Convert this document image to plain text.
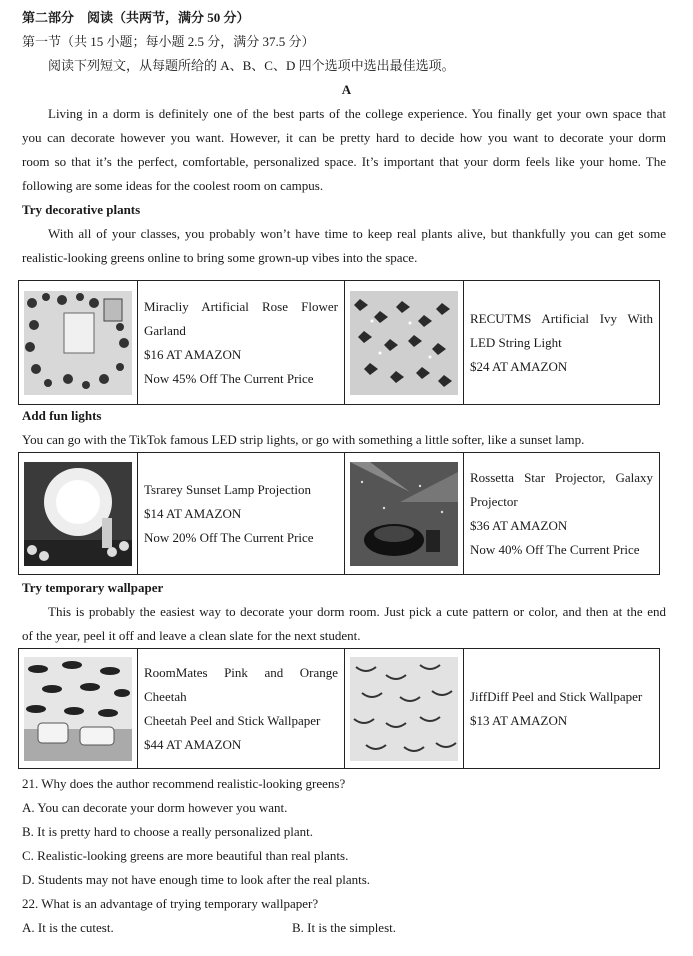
第二部分　阅读（共两节，满分 50 分）
第一节（共 15 小题；每小题 2.5 分，满分 37.5 分）
阅读下列短文，从每题所给的 A、B、C、D 四个选项中选出最佳选项。
A
Living in a dorm is definitely one of the best parts of the college experience. You finally get your own space that
you can decorate however you want. However, it can be pretty hard to decide how you want to decorate your dorm
room so that it’s the perfect, comfortable, personalized space. It’s important that your dorm feels like your home. The
following are some ideas for the coolest room on campus.
Try decorative plants
With all of your classes, you probably won’t have time to keep real plants alive, but thankfully you can get some
realistic-looking greens online to bring some grown-up vibes into the space.

Miracliy Artificial Rose Flower
Garland
$16 AT AMAZON
Now 45% Off The Current Price

RECUTMS Artificial Ivy With
LED String Light
$24 AT AMAZON
Add fun lights
You can go with the TikTok famous LED strip lights, or go with something a little softer, like a sunset lamp.

Tsrarey Sunset Lamp Projection
$14 AT AMAZON
Now 20% Off The Current Price

Rossetta Star Projector, Galaxy
Projector
$36 AT AMAZON
Now 40% Off The Current Price
Try temporary wallpaper
This is probably the easiest way to decorate your dorm room. Just pick a cute pattern or color, and then at the end
of the year, peel it off and leave a clean slate for the next student.

RoomMates Pink and Orange
Cheetah
Cheetah Peel and Stick Wallpaper
$44 AT AMAZON

JiffDiff Peel and Stick Wallpaper
$13 AT AMAZON
21. Why does the author recommend realistic-looking greens?
A. You can decorate your dorm however you want.
B. It is pretty hard to choose a really personalized plant.
C. Realistic-looking greens are more beautiful than real plants.
D. Students may not have enough time to look after the real plants.
22. What is an advantage of trying temporary wallpaper?
A. It is the cutest.	B. It is the simplest.
